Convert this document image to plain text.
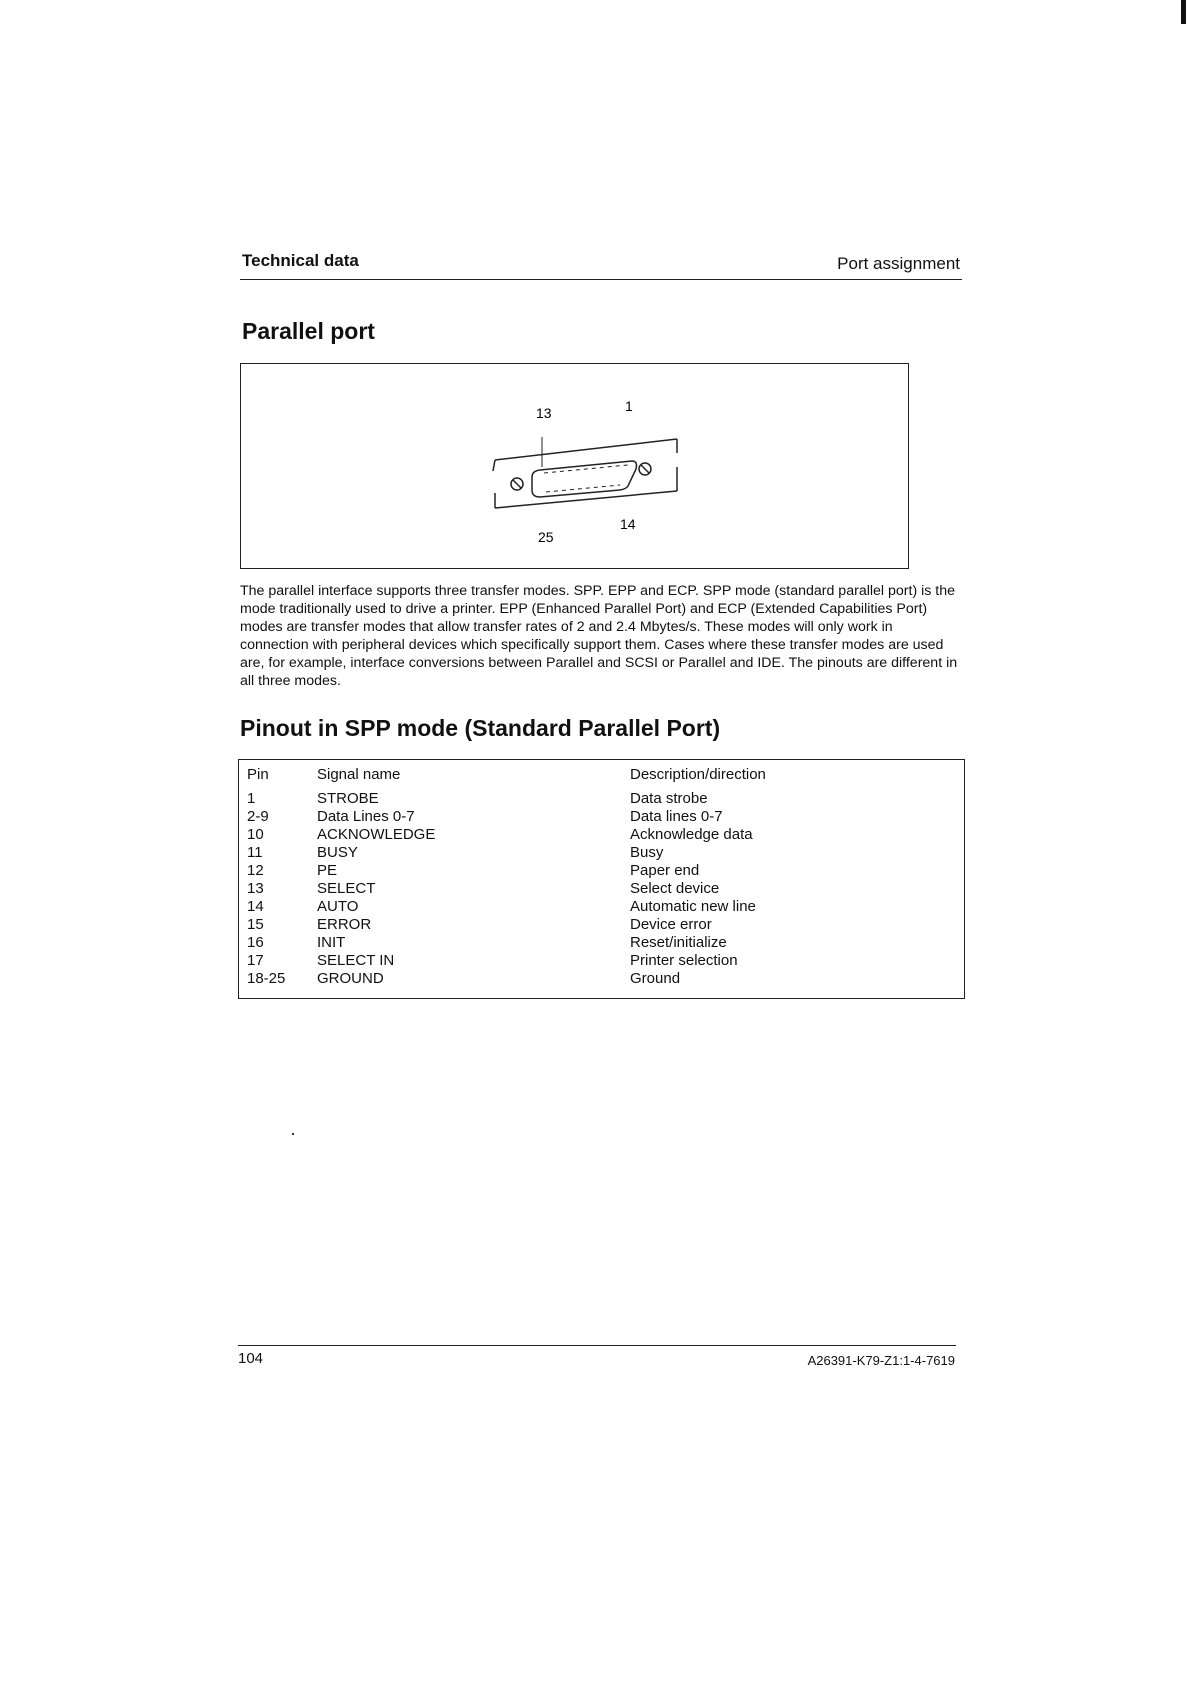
Technical data	Port assignment
Parallel port
13	1
25
14
The parallel interface supports three transfer modes. SPP. EPP and ECP. SPP mode (standard parallel port) is the mode traditionally used to drive a printer. EPP (Enhanced Parallel Port) and ECP (Extended Capabilities Port) modes are transfer modes that allow transfer rates of 2 and 2.4 Mbytes/s. These modes will only work in connection with peripheral devices which specifically support them. Cases where these transfer modes are used are, for example, interface conversions between Parallel and SCSI or Parallel and IDE. The pinouts are different in all three modes.
Pinout in SPP mode (Standard Parallel Port)
Pin	Signal name	Description/direction
1	STROBE	Data strobe
2-9	Data Lines 0-7	Data lines 0-7
10	ACKNOWLEDGE	Acknowledge data
11	BUSY	Busy
12	PE	Paper end
13	SELECT	Select device
14	AUTO	Automatic new line
15	ERROR	Device error
16	INIT	Reset/initialize
17	SELECT IN	Printer selection
18-25	GROUND	Ground
104	A26391-K79-Z1:1-4-7619
